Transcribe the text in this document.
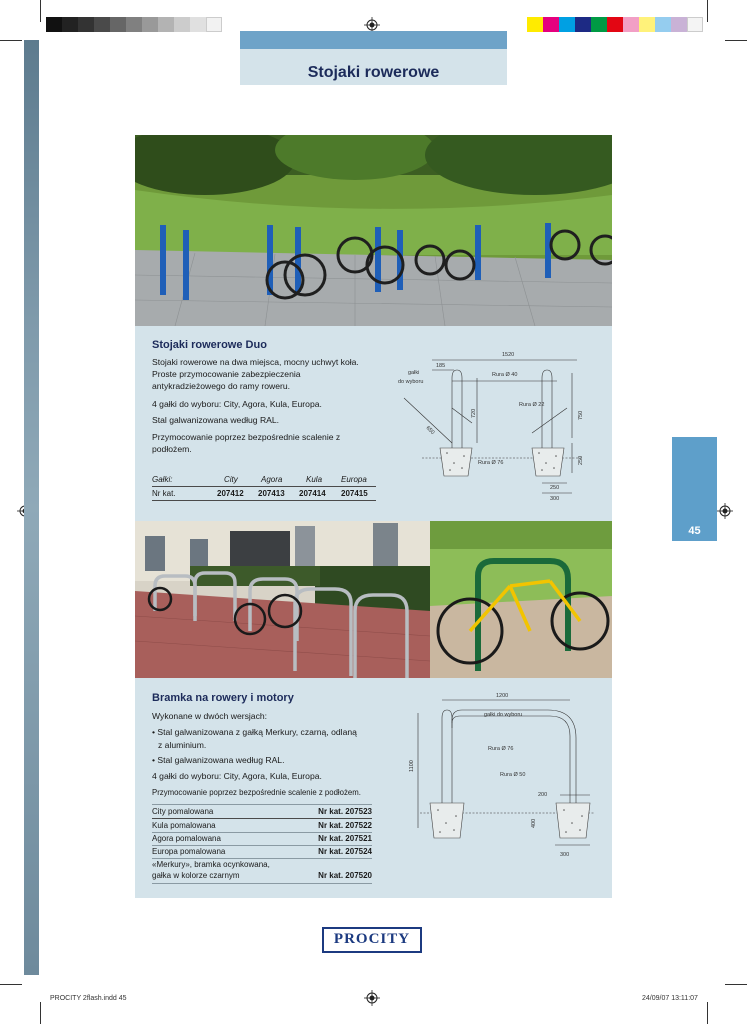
Stojaki rowerowe
Stojaki rowerowe Duo
Stojaki rowerowe na dwa miejsca, mocny uchwyt koła. Proste przymocowanie zabezpieczenia antykradzieżowego do ramy roweru.
4 gałki do wyboru: City, Agora, Kula, Europa.
Stal galwanizowana według RAL.
Przymocowanie poprzez bezpośrednie scalenie z podłożem.
Gałki:	City	Agora	Kula Europa
Nr kat.	207412 207413 207414 207415
1520
185
gałki
do wyboru
Rura Ø 40
Rura Ø 22
Rura Ø 76
720	750
650
250
250
300
Bramka na rowery i motory
Wykonane w dwóch wersjach:
• Stal galwanizowana z gałką Merkury, czarną, odlaną
z aluminium.
• Stal galwanizowana według RAL.
4 gałki do wyboru: City, Agora, Kula, Europa.
Przymocowanie poprzez bezpośrednie scalenie z podłożem.
City pomalowana	Nr kat. 207523
Kula pomalowana	Nr kat. 207522
Agora pomalowana	Nr kat. 207521
Europa pomalowana	Nr kat. 207524
«Merkury», bramka ocynkowana,
gałka w kolorze czarnym	Nr kat. 207520
1200
gałki do wyboru
Rura Ø 76
Rura Ø 50
1100
200
400
300
45
PROCITY
PROCITY 2flash.indd 45	24/09/07 13:11:07
